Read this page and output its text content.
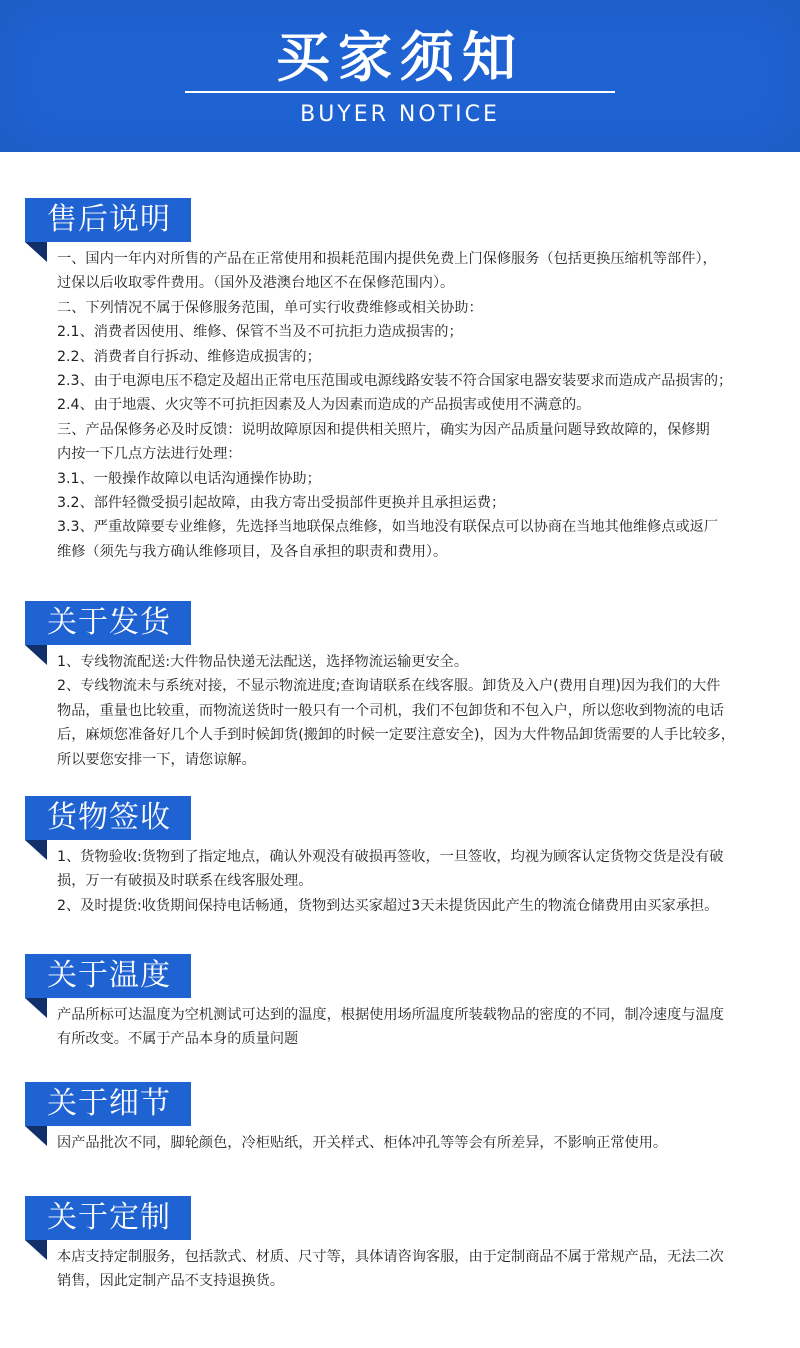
买家须知
BUYER NOTICE
售后说明
一、国内一年内对所售的产品在正常使用和损耗范围内提供免费上门保修服务（包括更换压缩机等部件），
过保以后收取零件费用。（国外及港澳台地区不在保修范围内）。
二、下列情况不属于保修服务范围，单可实行收费维修或相关协助：
2.1、消费者因使用、维修、保管不当及不可抗拒力造成损害的；
2.2、消费者自行拆动、维修造成损害的；
2.3、由于电源电压不稳定及超出正常电压范围或电源线路安装不符合国家电器安装要求而造成产品损害的；
2.4、由于地震、火灾等不可抗拒因素及人为因素而造成的产品损害或使用不满意的。
三、产品保修务必及时反馈：说明故障原因和提供相关照片，确实为因产品质量问题导致故障的，保修期
内按一下几点方法进行处理：
3.1、一般操作故障以电话沟通操作协助；
3.2、部件轻微受损引起故障，由我方寄出受损部件更换并且承担运费；
3.3、严重故障要专业维修，先选择当地联保点维修，如当地没有联保点可以协商在当地其他维修点或返厂
维修（须先与我方确认维修项目，及各自承担的职责和费用）。
关于发货
1、专线物流配送:大件物品快递无法配送，选择物流运输更安全。
2、专线物流未与系统对接，不显示物流进度;查询请联系在线客服。卸货及入户(费用自理)因为我们的大件
物品，重量也比较重，而物流送货时一般只有一个司机，我们不包卸货和不包入户，所以您收到物流的电话
后，麻烦您准备好几个人手到时候卸货(搬卸的时候一定要注意安全)，因为大件物品卸货需要的人手比较多，
所以要您安排一下，请您谅解。
货物签收
1、货物验收:货物到了指定地点，确认外观没有破损再签收，一旦签收，均视为顾客认定货物交货是没有破
损，万一有破损及时联系在线客服处理。
2、及时提货:收货期间保持电话畅通，货物到达买家超过3天未提货因此产生的物流仓储费用由买家承担。
关于温度
产品所标可达温度为空机测试可达到的温度，根据使用场所温度所装载物品的密度的不同，制冷速度与温度
有所改变。不属于产品本身的质量问题
关于细节
因产品批次不同，脚轮颜色，冷柜贴纸，开关样式、柜体冲孔等等会有所差异，不影响正常使用。
关于定制
本店支持定制服务，包括款式、材质、尺寸等，具体请咨询客服，由于定制商品不属于常规产品，无法二次
销售，因此定制产品不支持退换货。
